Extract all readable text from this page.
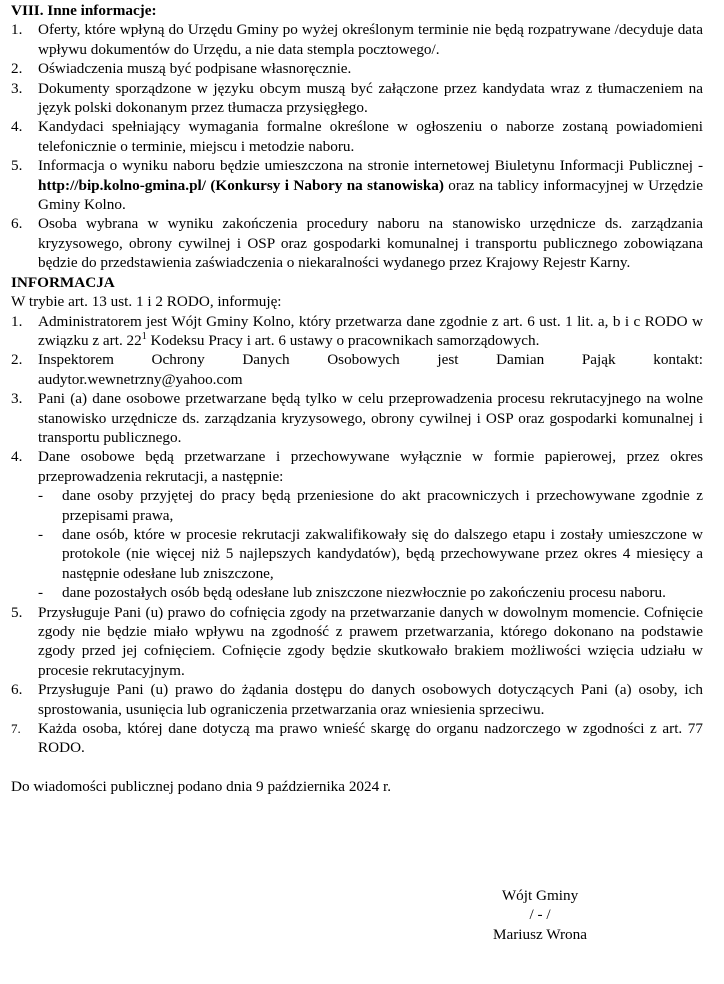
VIII. Inne informacje:

1. Oferty, które wpłyną do Urzędu Gminy po wyżej określonym terminie nie będą rozpatrywane /decyduje data wpływu dokumentów do Urzędu, a nie data stempla pocztowego/.
2. Oświadczenia muszą być podpisane własnoręcznie.
3. Dokumenty sporządzone w języku obcym muszą być załączone przez kandydata wraz z tłumaczeniem na język polski dokonanym przez tłumacza przysięgłego.
4. Kandydaci spełniający wymagania formalne określone w ogłoszeniu o naborze zostaną powiadomieni telefonicznie o terminie, miejscu i metodzie naboru.
5. Informacja o wyniku naboru będzie umieszczona na stronie internetowej Biuletynu Informacji Publicznej - http://bip.kolno-gmina.pl/ (Konkursy i Nabory na stanowiska) oraz na tablicy informacyjnej w Urzędzie Gminy Kolno.
6. Osoba wybrana w wyniku zakończenia procedury naboru na stanowisko urzędnicze ds. zarządzania kryzysowego, obrony cywilnej i OSP oraz gospodarki komunalnej i transportu publicznego zobowiązana będzie do przedstawienia zaświadczenia o niekaralności wydanego przez Krajowy Rejestr Karny.

INFORMACJA

W trybie art. 13 ust. 1 i 2 RODO, informuję:

1. Administratorem jest Wójt Gminy Kolno, który przetwarza dane zgodnie z art. 6 ust. 1 lit. a, b i c RODO w związku z art. $22^1$ Kodeksu Pracy i art. 6 ustawy o pracownikach samorządowych.
2. Inspektorem Ochrony Danych Osobowych jest Damian Pająk kontakt:
audytor.wewnetrzny@yahoo.com
3. Pani (a) dane osobowe przetwarzane będą tylko w celu przeprowadzenia procesu rekrutacyjnego na wolne stanowisko urzędnicze ds. zarządzania kryzysowego, obrony cywilnej i OSP oraz gospodarki komunalnej i transportu publicznego.
4. Dane osobowe będą przetwarzane i przechowywane wyłącznie w formie papierowej, przez okres przeprowadzenia rekrutacji, a następnie:
- dane osoby przyjętej do pracy będą przeniesione do akt pracowniczych i przechowywane zgodnie z przepisami prawa,
- dane osób, które w procesie rekrutacji zakwalifikowały się do dalszego etapu i zostały umieszczone w protokole (nie więcej niż 5 najlepszych kandydatów), będą przechowywane przez okres 4 miesięcy a następnie odesłane lub zniszczone,
- dane pozostałych osób będą odesłane lub zniszczone niezwłocznie po zakończeniu procesu naboru.
5. Przysługuje Pani (u) prawo do cofnięcia zgody na przetwarzanie danych w dowolnym momencie. Cofnięcie zgody nie będzie miało wpływu na zgodność z prawem przetwarzania, którego dokonano na podstawie zgody przed jej cofnięciem. Cofnięcie zgody będzie skutkowało brakiem możliwości wzięcia udziału w procesie rekrutacyjnym.
6. Przysługuje Pani (u) prawo do żądania dostępu do danych osobowych dotyczących Pani (a) osoby, ich sprostowania, usunięcia lub ograniczenia przetwarzania oraz wniesienia sprzeciwu.
7. Każda osoba, której dane dotyczą ma prawo wnieść skargę do organu nadzorczego w zgodności z art. 77 RODO.

Do wiadomości publicznej podano dnia 9 października 2024 r.

Wójt Gminy
/ - /
Mariusz Wrona
